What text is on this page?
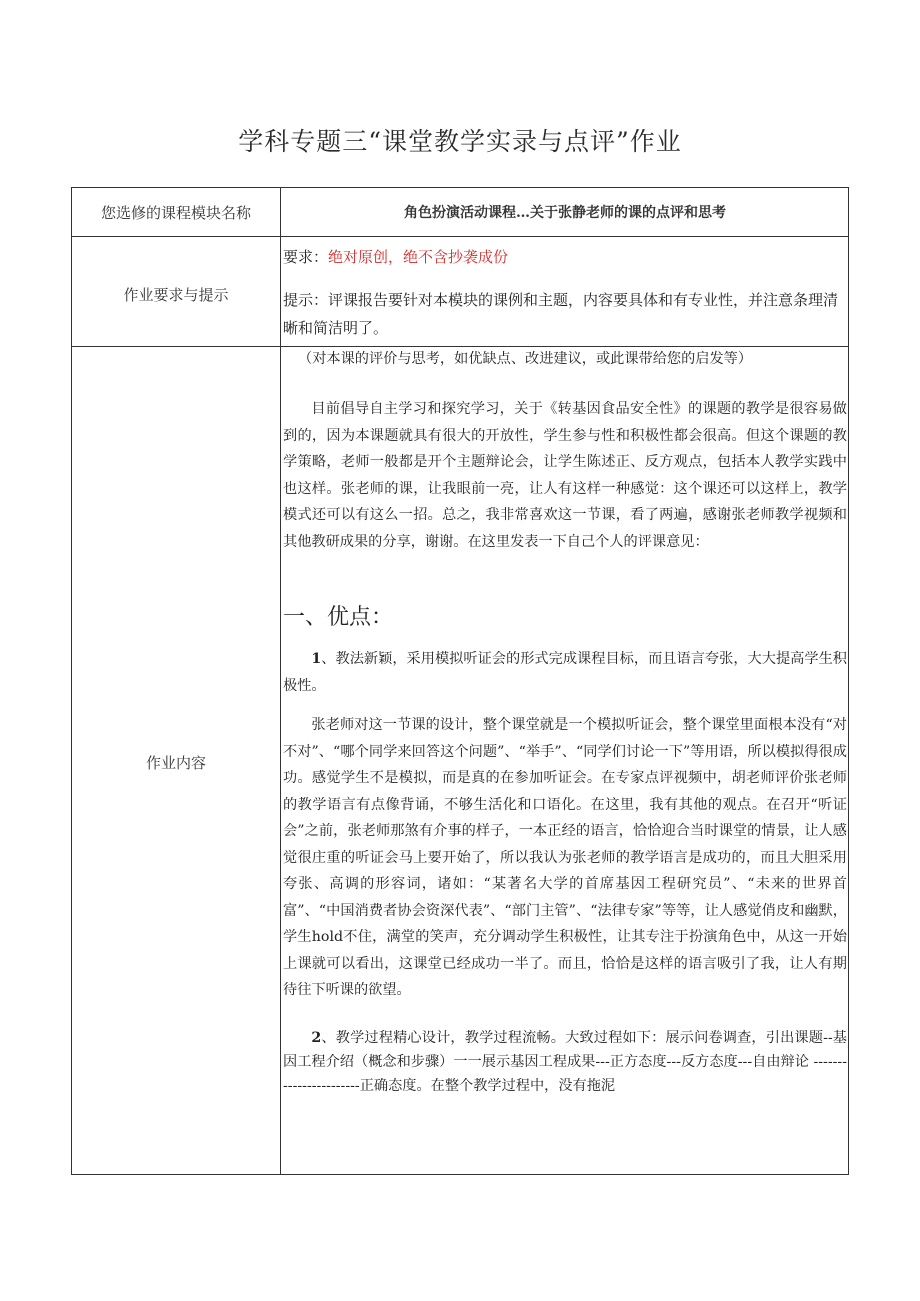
学科专题三“课堂教学实录与点评”作业
您选修的课程模块名称	角色扮演活动课程…关于张静老师的课的点评和思考
作业要求与提示
要求：绝对原创，绝不含抄袭成份
提示：评课报告要针对本模块的课例和主题，内容要具体和有专业性，并注意条理清晰和简洁明了。
作业内容
（对本课的评价与思考，如优缺点、改进建议，或此课带给您的启发等）
目前倡导自主学习和探究学习，关于《转基因食品安全性》的课题的教学是很容易做到的，因为本课题就具有很大的开放性，学生参与性和积极性都会很高。但这个课题的教学策略，老师一般都是开个主题辩论会，让学生陈述正、反方观点，包括本人教学实践中也这样。张老师的课，让我眼前一亮，让人有这样一种感觉：这个课还可以这样上，教学模式还可以有这么一招。总之，我非常喜欢这一节课，看了两遍，感谢张老师教学视频和其他教研成果的分享，谢谢。在这里发表一下自己个人的评课意见：
一、优点：
1、教法新颖，采用模拟听证会的形式完成课程目标，而且语言夸张，大大提高学生积极性。
张老师对这一节课的设计，整个课堂就是一个模拟听证会，整个课堂里面根本没有“对不对”、“哪个同学来回答这个问题”、“举手”、“同学们讨论一下”等用语，所以模拟得很成功。感觉学生不是模拟，而是真的在参加听证会。在专家点评视频中，胡老师评价张老师的教学语言有点像背诵，不够生活化和口语化。在这里，我有其他的观点。在召开“听证会”之前，张老师那煞有介事的样子，一本正经的语言，恰恰迎合当时课堂的情景，让人感觉很庄重的听证会马上要开始了，所以我认为张老师的教学语言是成功的，而且大胆采用夸张、高调的形容词，诸如：“某著名大学的首席基因工程研究员”、“未来的世界首富”、“中国消费者协会资深代表”、“部门主管”、“法律专家”等等，让人感觉俏皮和幽默，学生hold不住，满堂的笑声，充分调动学生积极性，让其专注于扮演角色中，从这一开始上课就可以看出，这课堂已经成功一半了。而且，恰恰是这样的语言吸引了我，让人有期待往下听课的欲望。
2、教学过程精心设计，教学过程流畅。大致过程如下：展示问卷调查，引出课题--基因工程介绍（概念和步骤）一一展示基因工程成果---正方态度---反方态度---自由辩论 -----------------------正确态度。在整个教学过程中，没有拖泥
